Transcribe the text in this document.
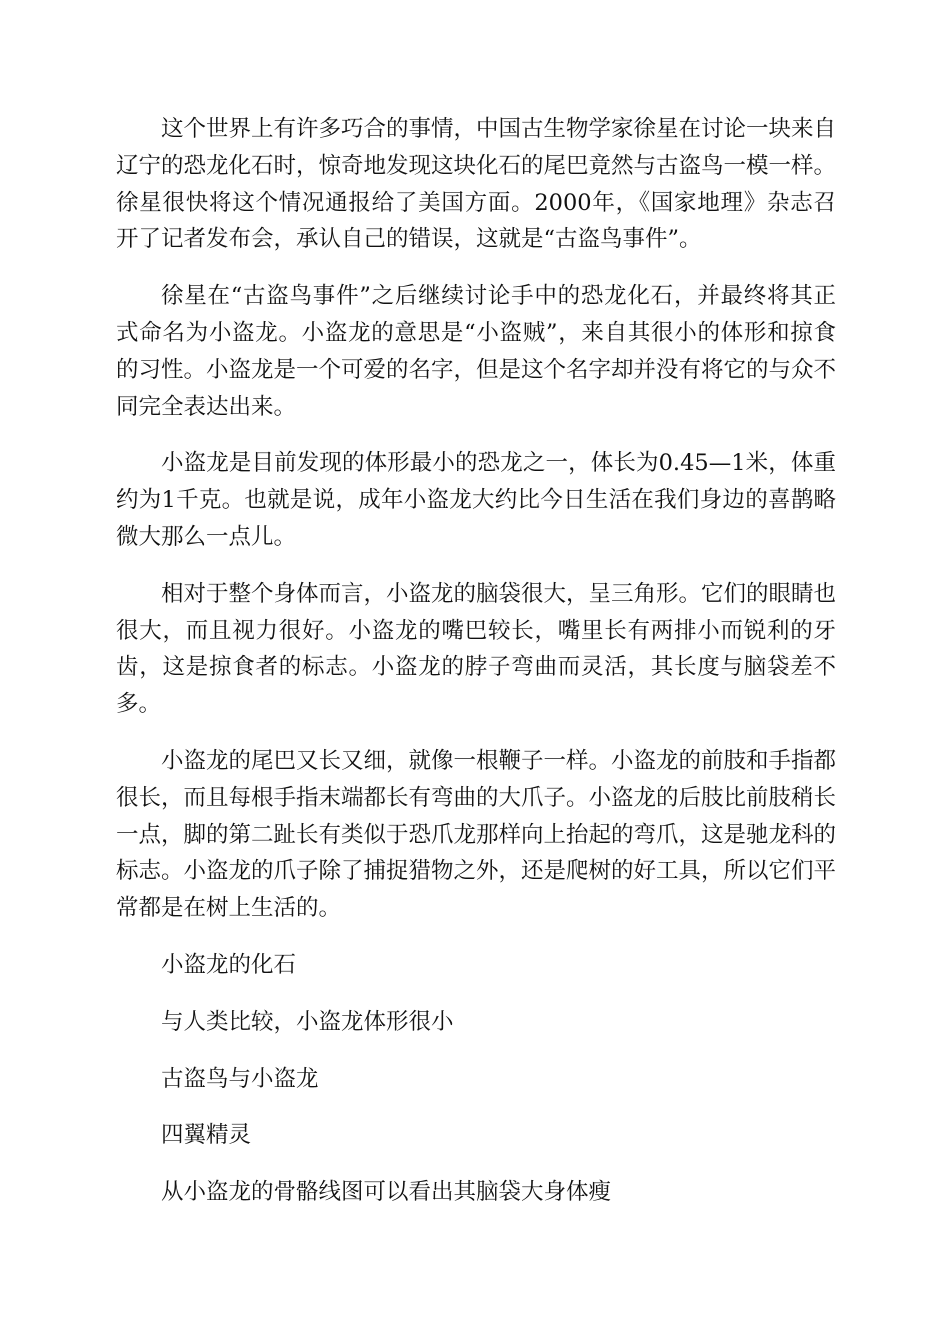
这个世界上有许多巧合的事情，中国古生物学家徐星在讨论一块来自辽宁的恐龙化石时，惊奇地发现这块化石的尾巴竟然与古盗鸟一模一样。徐星很快将这个情况通报给了美国方面。2000年，《国家地理》杂志召开了记者发布会，承认自己的错误，这就是“古盗鸟事件”。

徐星在“古盗鸟事件”之后继续讨论手中的恐龙化石，并最终将其正式命名为小盗龙。小盗龙的意思是“小盗贼”，来自其很小的体形和掠食的习性。小盗龙是一个可爱的名字，但是这个名字却并没有将它的与众不同完全表达出来。

小盗龙是目前发现的体形最小的恐龙之一，体长为0.45—1米，体重约为1千克。也就是说，成年小盗龙大约比今日生活在我们身边的喜鹊略微大那么一点儿。

相对于整个身体而言，小盗龙的脑袋很大，呈三角形。它们的眼睛也很大，而且视力很好。小盗龙的嘴巴较长，嘴里长有两排小而锐利的牙齿，这是掠食者的标志。小盗龙的脖子弯曲而灵活，其长度与脑袋差不多。

小盗龙的尾巴又长又细，就像一根鞭子一样。小盗龙的前肢和手指都很长，而且每根手指末端都长有弯曲的大爪子。小盗龙的后肢比前肢稍长一点，脚的第二趾长有类似于恐爪龙那样向上抬起的弯爪，这是驰龙科的标志。小盗龙的爪子除了捕捉猎物之外，还是爬树的好工具，所以它们平常都是在树上生活的。

小盗龙的化石

与人类比较，小盗龙体形很小

古盗鸟与小盗龙

四翼精灵

从小盗龙的骨骼线图可以看出其脑袋大身体瘦
